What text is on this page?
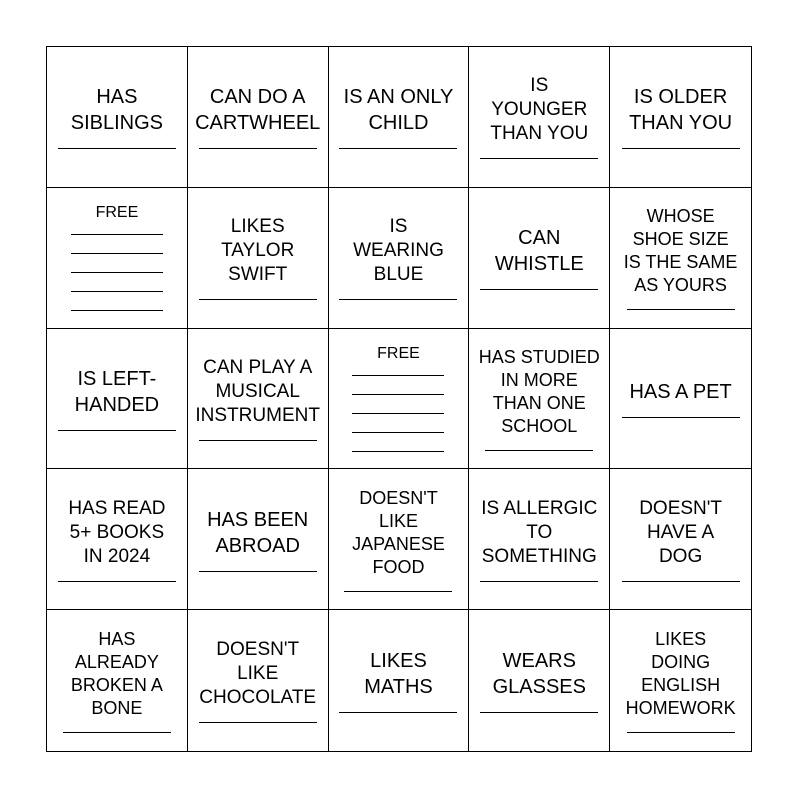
HAS
SIBLINGS
CAN DO A
CARTWHEEL
IS AN ONLY
CHILD
IS
YOUNGER
THAN YOU
IS OLDER
THAN YOU
FREE
LIKES
TAYLOR
SWIFT
IS
WEARING
BLUE
CAN
WHISTLE
WHOSE
SHOE SIZE
IS THE SAME
AS YOURS
IS LEFT-
HANDED
CAN PLAY A
MUSICAL
INSTRUMENT
FREE	HAS STUDIED
IN MORE
THAN ONE
SCHOOL
HAS A PET
HAS READ
5+ BOOKS
IN 2024
HAS BEEN
ABROAD
DOESN'T
LIKE
JAPANESE
FOOD
IS ALLERGIC
TO
SOMETHING
DOESN'T
HAVE A
DOG
HAS
ALREADY
BROKEN A
BONE
DOESN'T
LIKE
CHOCOLATE
LIKES
MATHS
WEARS
GLASSES
LIKES
DOING
ENGLISH
HOMEWORK
